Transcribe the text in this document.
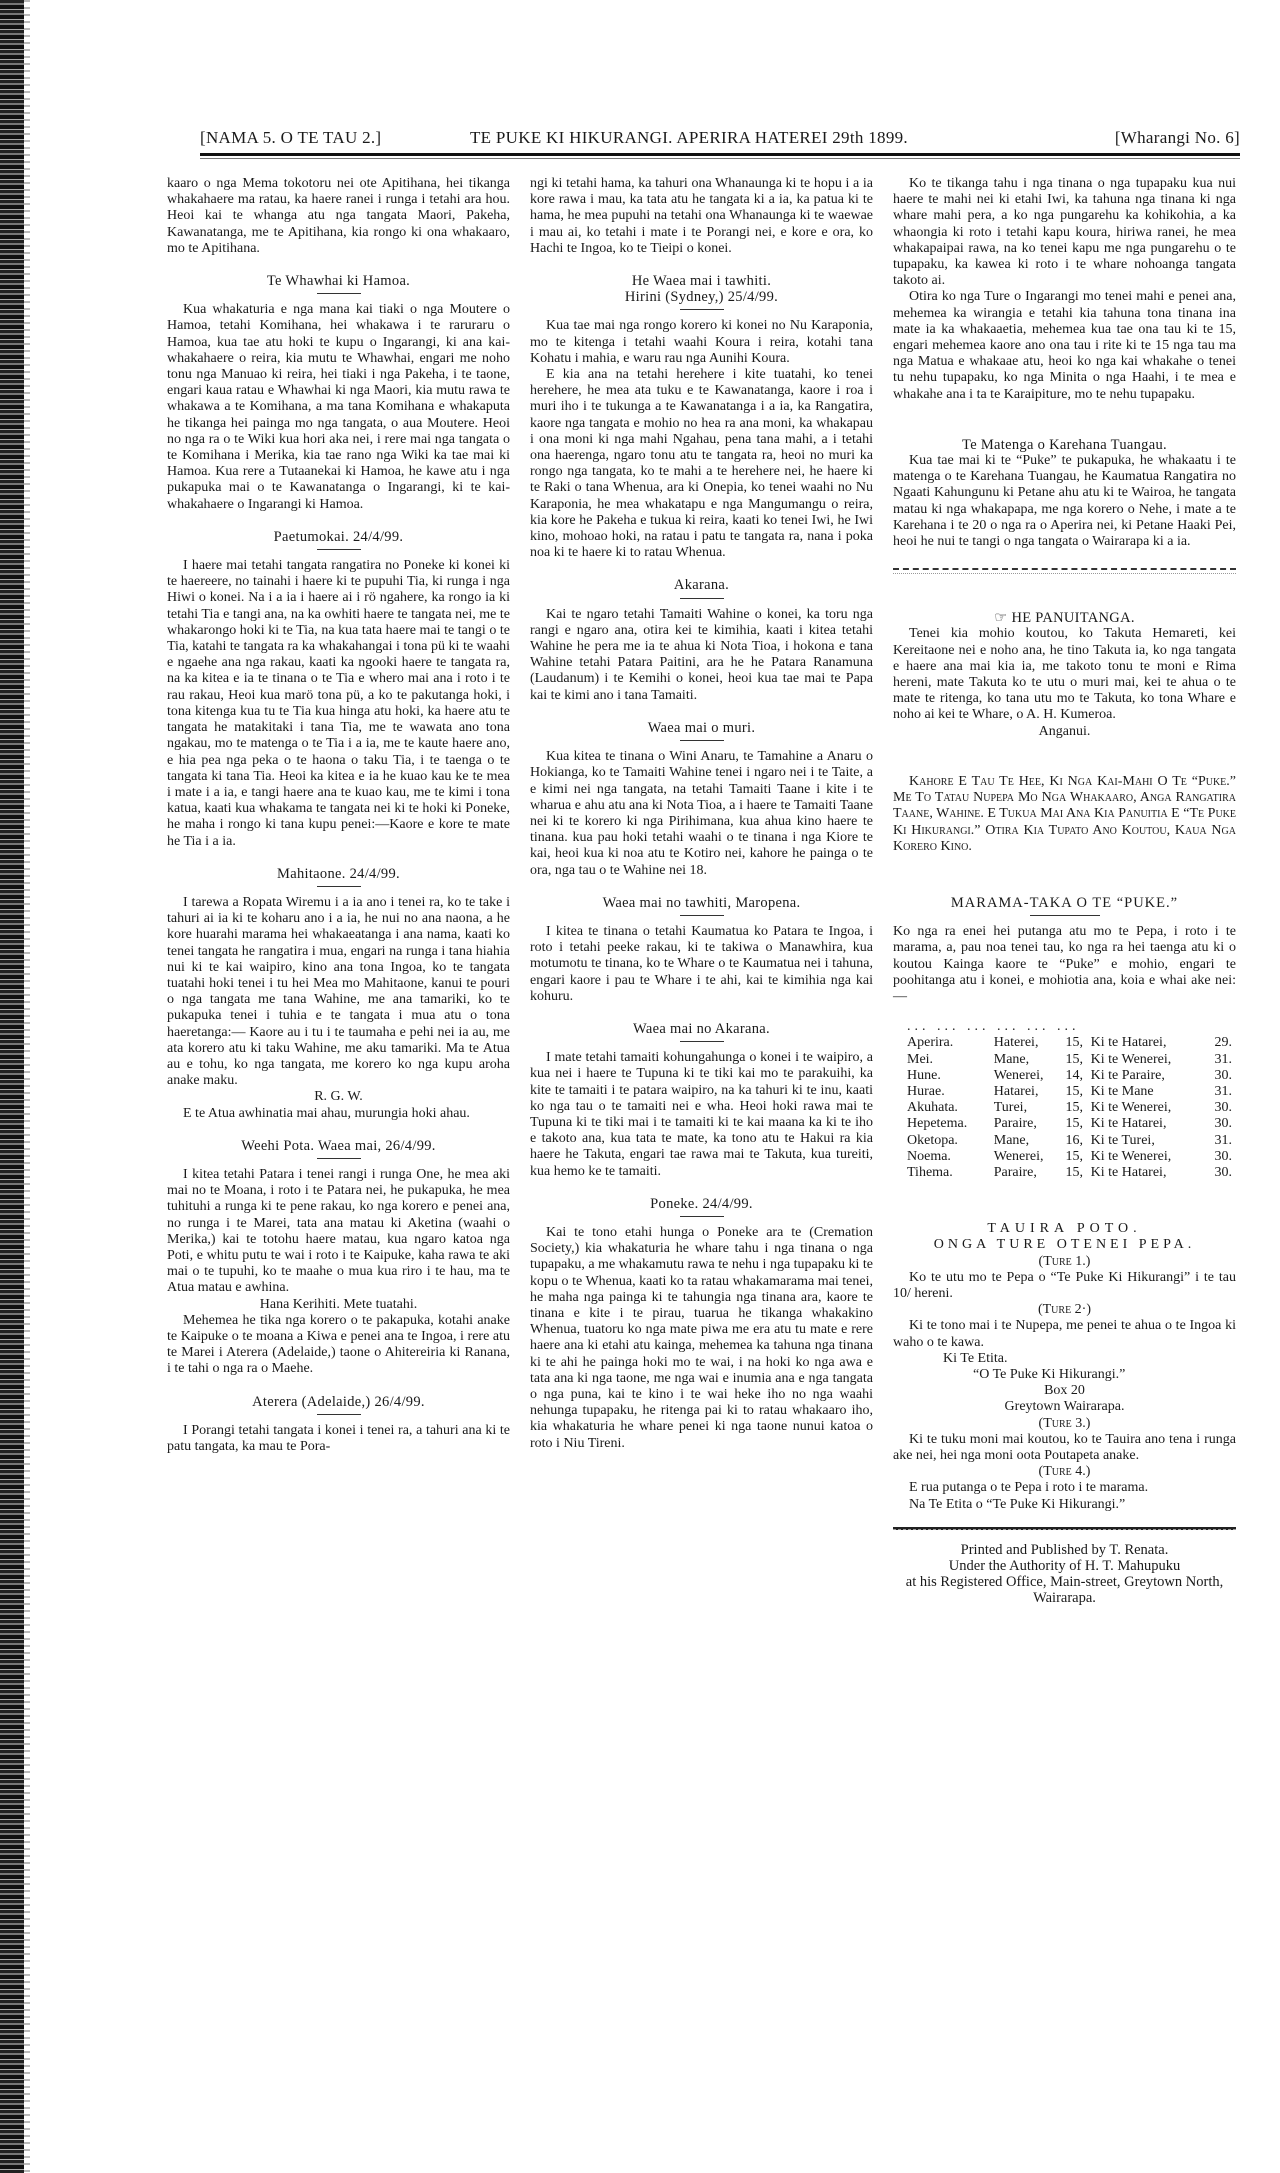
[NAMA 5. O TE TAU 2.]	TE PUKE KI HIKURANGI. APERIRA HATEREI 29th 1899.	[Wharangi No. 6]

kaaro o nga Mema tokotoru nei ote Apitihana, hei tikanga whakahaere ma ratau, ka haere ranei i runga i tetahi ara hou. Heoi kai te whanga atu nga tangata Maori, Pakeha, Kawanatanga, me te Apitihana, kia rongo ki ona whakaaro, mo te Apitihana.

Te Whawhai ki Hamoa.

Kua whakaturia e nga mana kai tiaki o nga Moutere o Hamoa, tetahi Komihana, hei whakawa i te raruraru o Hamoa, kua tae atu hoki te kupu o Ingarangi, ki ana kai-whakahaere o reira, kia mutu te Whawhai, engari me noho tonu nga Manuao ki reira, hei tiaki i nga Pakeha, i te taone, engari kaua ratau e Whawhai ki nga Maori, kia mutu rawa te whakawa a te Komihana, a ma tana Komihana e whakaputa he tikanga hei painga mo nga tangata, o aua Moutere. Heoi no nga ra o te Wiki kua hori aka nei, i rere mai nga tangata o te Komihana i Merika, kia tae rano nga Wiki ka tae mai ki Hamoa. Kua rere a Tutaanekai ki Hamoa, he kawe atu i nga pukapuka mai o te Kawanatanga o Ingarangi, ki te kai-whakahaere o Ingarangi ki Hamoa.

Paetumokai. 24/4/99.

I haere mai tetahi tangata rangatira no Poneke ki konei ki te haereere, no tainahi i haere ki te pupuhi Tia, ki runga i nga Hiwi o konei. Na i a ia i haere ai i rö ngahere, ka rongo ia ki tetahi Tia e tangi ana, na ka owhiti haere te tangata nei, me te whakarongo hoki ki te Tia, na kua tata haere mai te tangi o te Tia, katahi te tangata ra ka whakahangai i tona pü ki te waahi e ngaehe ana nga rakau, kaati ka ngooki haere te tangata ra, na ka kitea e ia te tinana o te Tia e whero mai ana i roto i te rau rakau, Heoi kua marö tona pü, a ko te pakutanga hoki, i tona kitenga kua tu te Tia kua hinga atu hoki, ka haere atu te tangata he matakitaki i tana Tia, me te wawata ano tona ngakau, mo te matenga o te Tia i a ia, me te kaute haere ano, e hia pea nga peka o te haona o taku Tia, i te taenga o te tangata ki tana Tia. Heoi ka kitea e ia he kuao kau ke te mea i mate i a ia, e tangi haere ana te kuao kau, me te kimi i tona katua, kaati kua whakama te tangata nei ki te hoki ki Poneke, he maha i rongo ki tana kupu penei:—Kaore e kore te mate he Tia i a ia.

Mahitaone. 24/4/99.

I tarewa a Ropata Wiremu i a ia ano i tenei ra, ko te take i tahuri ai ia ki te koharu ano i a ia, he nui no ana naona, a he kore huarahi marama hei whakaeatanga i ana nama, kaati ko tenei tangata he rangatira i mua, engari na runga i tana hiahia nui ki te kai waipiro, kino ana tona Ingoa, ko te tangata tuatahi hoki tenei i tu hei Mea mo Mahitaone, kanui te pouri o nga tangata me tana Wahine, me ana tamariki, ko te pukapuka tenei i tuhia e te tangata i mua atu o tona haeretanga:— Kaore au i tu i te taumaha e pehi nei ia au, me ata korero atu ki taku Wahine, me aku tamariki. Ma te Atua au e tohu, ko nga tangata, me korero ko nga kupu aroha anake maku.

R. G. W.

E te Atua awhinatia mai ahau, murungia hoki ahau.

Weehi Pota. Waea mai, 26/4/99.

I kitea tetahi Patara i tenei rangi i runga One, he mea aki mai no te Moana, i roto i te Patara nei, he pukapuka, he mea tuhituhi a runga ki te pene rakau, ko nga korero e penei ana, no runga i te Marei, tata ana matau ki Aketina (waahi o Merika,) kai te totohu haere matau, kua ngaro katoa nga Poti, e whitu putu te wai i roto i te Kaipuke, kaha rawa te aki mai o te tupuhi, ko te maahe o mua kua riro i te hau, ma te Atua matau e awhina.

Hana Kerihiti. Mete tuatahi.

Mehemea he tika nga korero o te pakapuka, kotahi anake te Kaipuke o te moana a Kiwa e penei ana te Ingoa, i rere atu te Marei i Aterera (Adelaide,) taone o Ahitereiria ki Ranana, i te tahi o nga ra o Maehe.

Aterera (Adelaide,) 26/4/99.

I Porangi tetahi tangata i konei i tenei ra, a tahuri ana ki te patu tangata, ka mau te Pora-

ngi ki tetahi hama, ka tahuri ona Whanaunga ki te hopu i a ia kore rawa i mau, ka tata atu he tangata ki a ia, ka patua ki te hama, he mea pupuhi na tetahi ona Whanaunga ki te waewae i mau ai, ko tetahi i mate i te Porangi nei, e kore e ora, ko Hachi te Ingoa, ko te Tieipi o konei.

He Waea mai i tawhiti.
Hirini (Sydney,) 25/4/99.

Kua tae mai nga rongo korero ki konei no Nu Karaponia, mo te kitenga i tetahi waahi Koura i reira, kotahi tana Kohatu i mahia, e waru rau nga Aunihi Koura.

E kia ana na tetahi herehere i kite tuatahi, ko tenei herehere, he mea ata tuku e te Kawanatanga, kaore i roa i muri iho i te tukunga a te Kawanatanga i a ia, ka Rangatira, kaore nga tangata e mohio no hea ra ana moni, ka whakapau i ona moni ki nga mahi Ngahau, pena tana mahi, a i tetahi ona haerenga, ngaro tonu atu te tangata ra, heoi no muri ka rongo nga tangata, ko te mahi a te herehere nei, he haere ki te Raki o tana Whenua, ara ki Onepia, ko tenei waahi no Nu Karaponia, he mea whakatapu e nga Mangumangu o reira, kia kore he Pakeha e tukua ki reira, kaati ko tenei Iwi, he Iwi kino, mohoao hoki, na ratau i patu te tangata ra, nana i poka noa ki te haere ki to ratau Whenua.

Akarana.

Kai te ngaro tetahi Tamaiti Wahine o konei, ka toru nga rangi e ngaro ana, otira kei te kimihia, kaati i kitea tetahi Wahine he pera me ia te ahua ki Nota Tioa, i hokona e tana Wahine tetahi Patara Paitini, ara he he Patara Ranamuna (Laudanum) i te Kemihi o konei, heoi kua tae mai te Papa kai te kimi ano i tana Tamaiti.

Waea mai o muri.

Kua kitea te tinana o Wini Anaru, te Tamahine a Anaru o Hokianga, ko te Tamaiti Wahine tenei i ngaro nei i te Taite, a e kimi nei nga tangata, na tetahi Tamaiti Taane i kite i te wharua e ahu atu ana ki Nota Tioa, a i haere te Tamaiti Taane nei ki te korero ki nga Pirihimana, kua ahua kino haere te tinana. kua pau hoki tetahi waahi o te tinana i nga Kiore te kai, heoi kua ki noa atu te Kotiro nei, kahore he painga o te ora, nga tau o te Wahine nei 18.

Waea mai no tawhiti, Maropena.

I kitea te tinana o tetahi Kaumatua ko Patara te Ingoa, i roto i tetahi peeke rakau, ki te takiwa o Manawhira, kua motumotu te tinana, ko te Whare o te Kaumatua nei i tahuna, engari kaore i pau te Whare i te ahi, kai te kimihia nga kai kohuru.

Waea mai no Akarana.

I mate tetahi tamaiti kohungahunga o konei i te waipiro, a kua nei i haere te Tupuna ki te tiki kai mo te parakuihi, ka kite te tamaiti i te patara waipiro, na ka tahuri ki te inu, kaati ko nga tau o te tamaiti nei e wha. Heoi hoki rawa mai te Tupuna ki te tiki mai i te tamaiti ki te kai maana ka ki te iho e takoto ana, kua tata te mate, ka tono atu te Hakui ra kia haere he Takuta, engari tae rawa mai te Takuta, kua tureiti, kua hemo ke te tamaiti.

Poneke. 24/4/99.

Kai te tono etahi hunga o Poneke ara te (Cremation Society,) kia whakaturia he whare tahu i nga tinana o nga tupapaku, a me whakamutu rawa te nehu i nga tupapaku ki te kopu o te Whenua, kaati ko ta ratau whakamarama mai tenei, he maha nga painga ki te tahungia nga tinana ara, kaore te tinana e kite i te pirau, tuarua he tikanga whakakino Whenua, tuatoru ko nga mate piwa me era atu tu mate e rere haere ana ki etahi atu kainga, mehemea ka tahuna nga tinana ki te ahi he painga hoki mo te wai, i na hoki ko nga awa e tata ana ki nga taone, me nga wai e inumia ana e nga tangata o nga puna, kai te kino i te wai heke iho no nga waahi nehunga tupapaku, he ritenga pai ki to ratau whakaaro iho, kia whakaturia he whare penei ki nga taone nunui katoa o roto i Niu Tireni.

Ko te tikanga tahu i nga tinana o nga tupapaku kua nui haere te mahi nei ki etahi Iwi, ka tahuna nga tinana ki nga whare mahi pera, a ko nga pungarehu ka kohikohia, a ka whaongia ki roto i tetahi kapu koura, hiriwa ranei, he mea whakapaipai rawa, na ko tenei kapu me nga pungarehu o te tupapaku, ka kawea ki roto i te whare nohoanga tangata takoto ai.

Otira ko nga Ture o Ingarangi mo tenei mahi e penei ana, mehemea ka wirangia e tetahi kia tahuna tona tinana ina mate ia ka whakaaetia, mehemea kua tae ona tau ki te 15, engari mehemea kaore ano ona tau i rite ki te 15 nga tau ma nga Matua e whakaae atu, heoi ko nga kai whakahe o tenei tu nehu tupapaku, ko nga Minita o nga Haahi, i te mea e whakahe ana i ta te Karaipiture, mo te nehu tupapaku.

Te Matenga o Karehana Tuangau.

Kua tae mai ki te “Puke” te pukapuka, he whakaatu i te matenga o te Karehana Tuangau, he Kaumatua Rangatira no Ngaati Kahungunu ki Petane ahu atu ki te Wairoa, he tangata matau ki nga whakapapa, me nga korero o Nehe, i mate a te Karehana i te 20 o nga ra o Aperira nei, ki Petane Haaki Pei, heoi he nui te tangi o nga tangata o Wairarapa ki a ia.

☞ HE PANUITANGA.

Tenei kia mohio koutou, ko Takuta Hemareti, kei Kereitaone nei e noho ana, he tino Takuta ia, ko nga tangata e haere ana mai kia ia, me takoto tonu te moni e Rima hereni, mate Takuta ko te utu o muri mai, kei te ahua o te mate te ritenga, ko tana utu mo te Takuta, ko tona Whare e noho ai kei te Whare, o A. H. Kumeroa.

Anganui.

Kahore E Tau Te Hee, Ki Nga Kai-Mahi O Te “Puke.” Me To Tatau Nupepa Mo Nga Whakaaro, Anga Rangatira Taane, Wahine. E Tukua Mai Ana Kia Panuitia E “Te Puke Ki Hikurangi.” Otira Kia Tupato Ano Koutou, Kaua Nga Korero Kino.

MARAMA-TAKA O TE “PUKE.”

Ko nga ra enei hei putanga atu mo te Pepa, i roto i te marama, a, pau noa tenei tau, ko nga ra hei taenga atu ki o koutou Kainga kaore te “Puke” e mohio, engari te poohitanga atu i konei, e mohiotia ana, koia e whai ake nei:—

... ... ... ... ... ...
Aperira.	Haterei,	15,	Ki te Hatarei,	29.
Mei.	Mane,	15,	Ki te Wenerei,	31.
Hune.	Wenerei,	14,	Ki te Paraire,	30.
Hurae.	Hatarei,	15,	Ki te Mane	31.
Akuhata.	Turei,	15,	Ki te Wenerei,	30.
Hepetema.	Paraire,	15,	Ki te Hatarei,	30.
Oketopa.	Mane,	16,	Ki te Turei,	31.
Noema.	Wenerei,	15,	Ki te Wenerei,	30.
Tihema.	Paraire,	15,	Ki te Hatarei,	30.
TAUIRA POTO.
ONGA TURE OTENEI PEPA.
(Ture 1.)

Ko te utu mo te Pepa o “Te Puke Ki Hikurangi” i te tau 10/ hereni.

(Ture 2·)

Ki te tono mai i te Nupepa, me penei te ahua o te Ingoa ki waho o te kawa.

Ki Te Etita.
“O Te Puke Ki Hikurangi.”
Box 20
Greytown Wairarapa.
(Ture 3.)

Ki te tuku moni mai koutou, ko te Tauira ano tena i runga ake nei, hei nga moni oota Poutapeta anake.

(Ture 4.)

E rua putanga o te Pepa i roto i te marama.

Na Te Etita o “Te Puke Ki Hikurangi.”

Printed and Published by T. Renata.
Under the Authority of H. T. Mahupuku
at his Registered Office, Main-street, Greytown North, Wairarapa.
